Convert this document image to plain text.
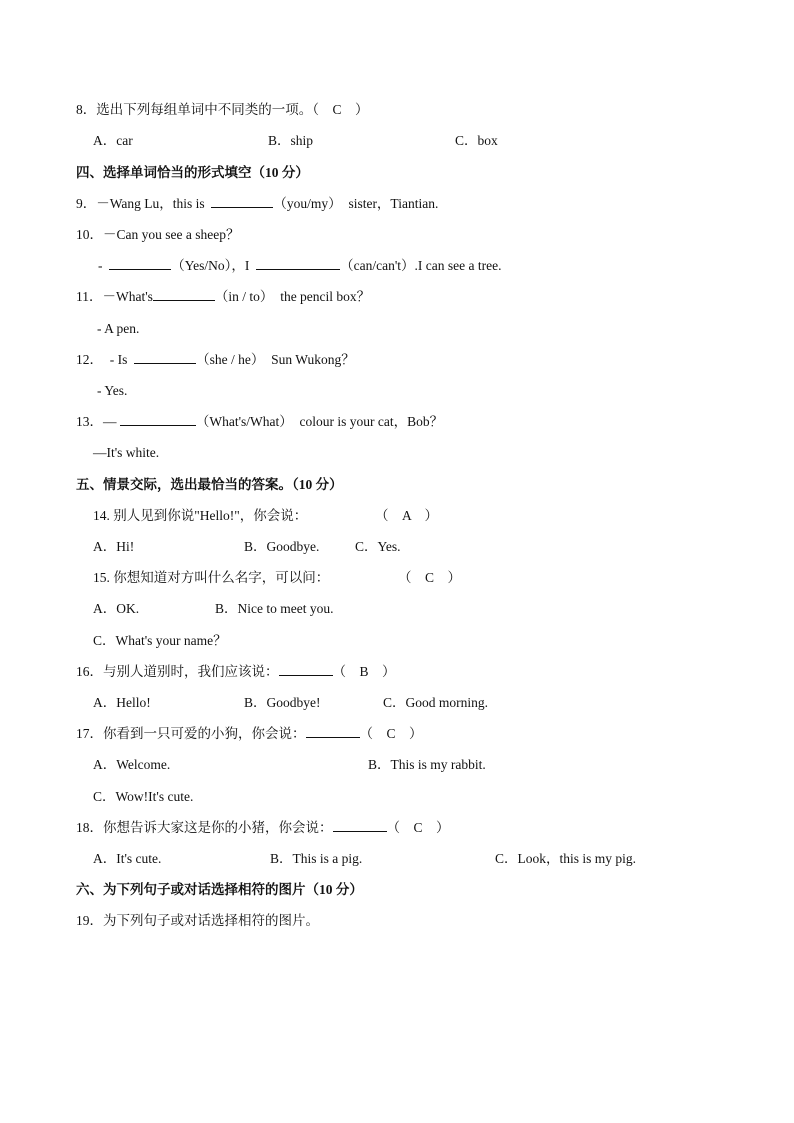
8．选出下列每组单词中不同类的一项。（　C　）
A．car	B．ship	C．box
四、选择单词恰当的形式填空（10 分）
9．－Wang Lu，this is	（you/my） sister，Tiantian.
10．－Can you see a sheep？
-	（Yes/No），I	（can/can't）.I can see a tree.
11．－What's	（in / to） the pencil box？
- A pen.
12．　- Is	（she / he） Sun Wukong？
- Yes.
13．—	（What's/What） colour is your cat，Bob？
—It's white.
五、情景交际，选出最恰当的答案。（10 分）
14. 别人见到你说"Hello!"，你会说：	（　A　）
A．Hi!	B．Goodbye.	C．Yes.
15. 你想知道对方叫什么名字，可以问：	（　C　）
A．OK.	B．Nice to meet you.
C．What's your name？
16．与别人道别时，我们应该说：	（　B　）
A．Hello!	B．Goodbye!	C．Good morning.
17．你看到一只可爱的小狗，你会说：	（　C　）
A．Welcome.	B．This is my rabbit.
C．Wow!It's cute.
18．你想告诉大家这是你的小猪，你会说：	（　C　）
A．It's cute.	B．This is a pig.	C．Look，this is my pig.
六、为下列句子或对话选择相符的图片（10 分）
19．为下列句子或对话选择相符的图片。
